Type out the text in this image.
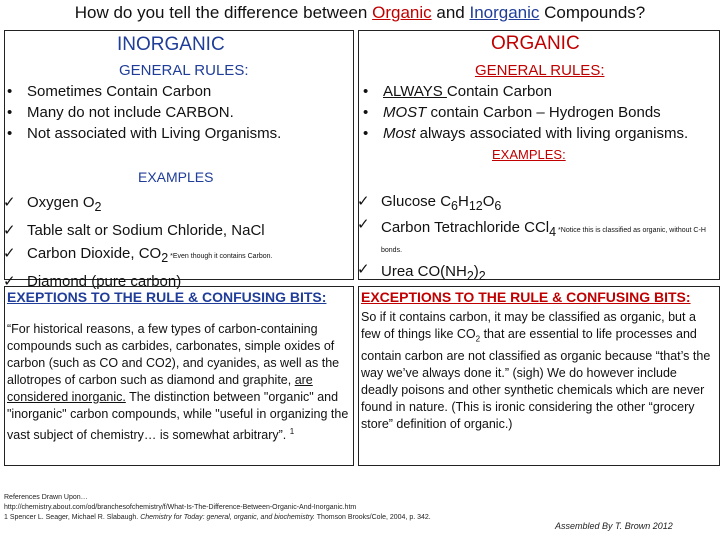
How do you tell the difference between Organic and Inorganic Compounds?
INORGANIC
GENERAL RULES:
• Sometimes Contain Carbon
• Many do not include CARBON.
• Not associated with Living Organisms.
EXAMPLES
✓ Oxygen $O_2$
✓ Table salt or Sodium Chloride, NaCl
✓ Carbon Dioxide, $CO_2$ *Even though it contains Carbon.
✓ Diamond (pure carbon)
ORGANIC
GENERAL RULES:
• ALWAYS Contain Carbon
• MOST contain Carbon – Hydrogen Bonds
• Most always associated with living organisms.
EXAMPLES:
✓ Glucose $C_6H_{12}O_6$
✓ Carbon Tetrachloride CCl$_4$ *Notice this is classified as organic, without C-H bonds.
✓ Urea $CO(NH_2)_2$
EXEPTIONS TO THE RULE & CONFUSING BITS:
“For historical reasons, a few types of carbon-containing compounds such as carbides, carbonates, simple oxides of carbon (such as CO and CO2), and cyanides, as well as the allotropes of carbon such as diamond and graphite, are considered inorganic. The distinction between "organic" and "inorganic" carbon compounds, while "useful in organizing the vast subject of chemistry… is somewhat arbitrary”. $^1$
EXCEPTIONS TO THE RULE & CONFUSING BITS:
So if it contains carbon, it may be classified as organic, but a few of things like $CO_2$ that are essential to life processes and contain carbon are not classified as organic because “that’s the way we’ve always done it.” (sigh) We do however include deadly poisons and other synthetic chemicals which are never found in nature. (This is ironic considering the other “grocery store” definition of organic.)
References Drawn Upon…
http://chemistry.about.com/od/branchesofchemistry/f/What-Is-The-Difference-Between-Organic-And-Inorganic.htm
1 Spencer L. Seager, Michael R. Slabaugh. Chemistry for Today: general, organic, and biochemistry. Thomson Brooks/Cole, 2004, p. 342.
Assembled By T. Brown 2012
